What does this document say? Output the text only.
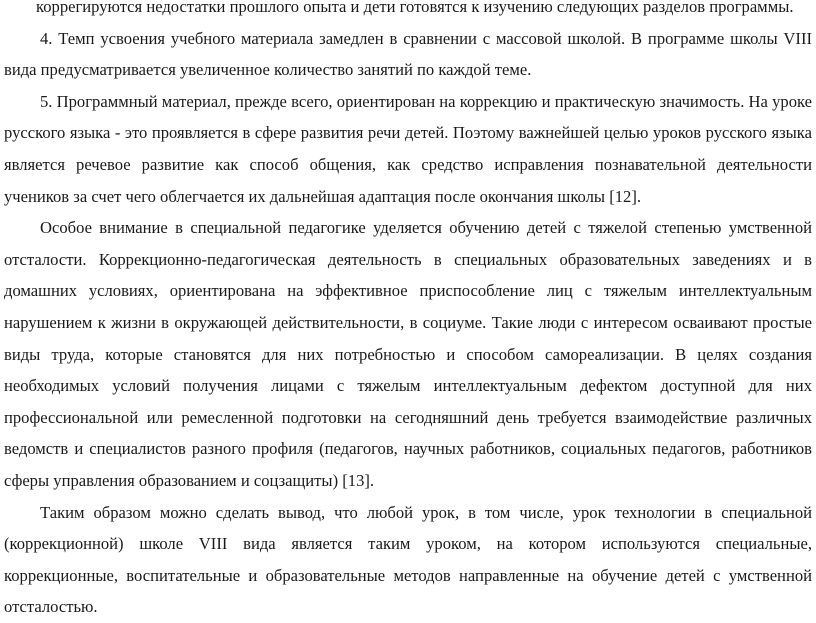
коррегируются недостатки прошлого опыта и дети готовятся к изучению следующих разделов программы.

4. Темп усвоения учебного материала замедлен в сравнении с массовой школой. В программе школы VIII вида предусматривается увеличенное количество занятий по каждой теме.

5. Программный материал, прежде всего, ориентирован на коррекцию и практическую значимость. На уроке русского языка - это проявляется в сфере развития речи детей. Поэтому важнейшей целью уроков русского языка является речевое развитие как способ общения, как средство исправления познавательной деятельности учеников за счет чего облегчается их дальнейшая адаптация после окончания школы [12].

Особое внимание в специальной педагогике уделяется обучению детей с тяжелой степенью умственной отсталости. Коррекционно-педагогическая деятельность в специальных образовательных заведениях и в домашних условиях, ориентирована на эффективное приспособление лиц с тяжелым интеллектуальным нарушением к жизни в окружающей действительности, в социуме. Такие люди с интересом осваивают простые виды труда, которые становятся для них потребностью и способом самореализации. В целях создания необходимых условий получения лицами с тяжелым интеллектуальным дефектом доступной для них профессиональной или ремесленной подготовки на сегодняшний день требуется взаимодействие различных ведомств и специалистов разного профиля (педагогов, научных работников, социальных педагогов, работников сферы управления образованием и соцзащиты) [13].

Таким образом можно сделать вывод, что любой урок, в том числе, урок технологии в специальной (коррекционной) школе VIII вида является таким уроком, на котором используются специальные, коррекционные, воспитательные и образовательные методов направленные на обучение детей с умственной отсталостью.
